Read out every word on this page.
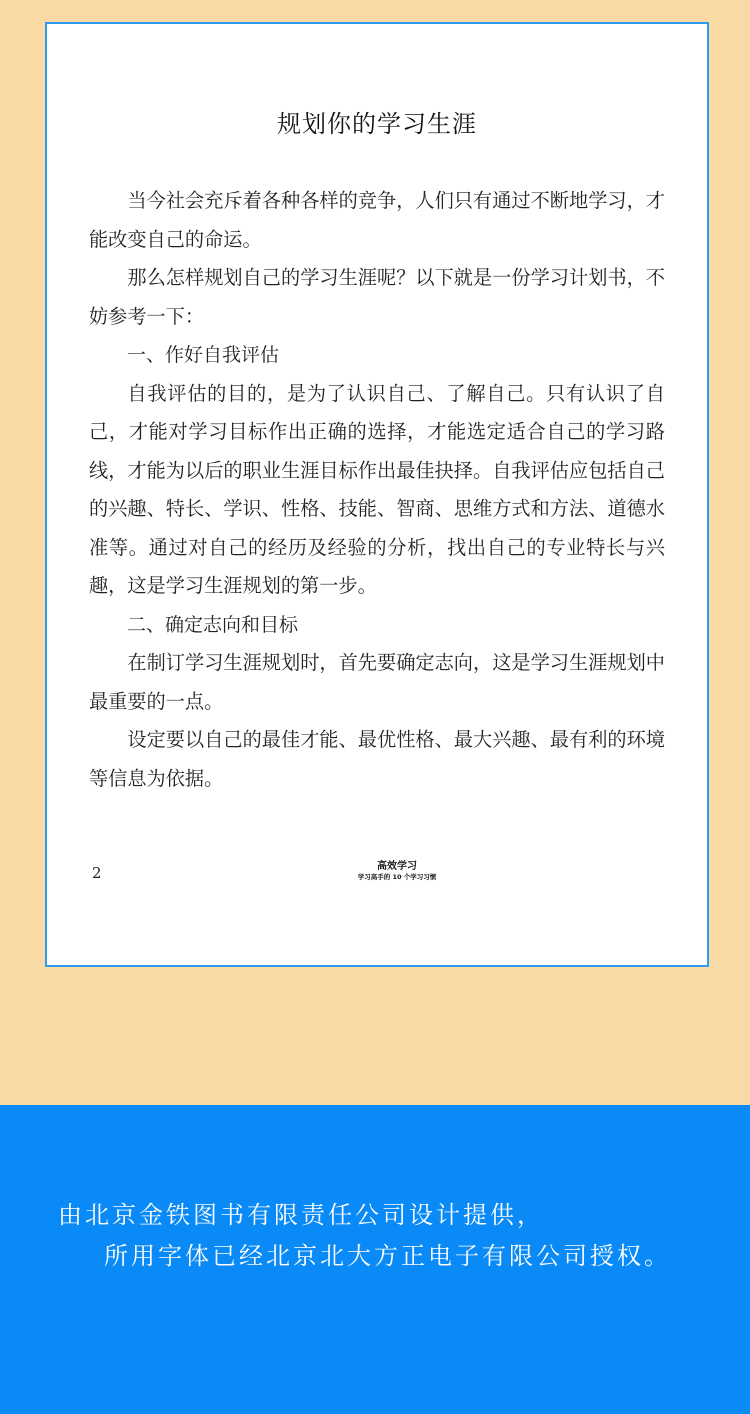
规划你的学习生涯

当今社会充斥着各种各样的竞争，人们只有通过不断地学习，才能改变自己的命运。

那么怎样规划自己的学习生涯呢？以下就是一份学习计划书，不妨参考一下：

一、作好自我评估

自我评估的目的，是为了认识自己、了解自己。只有认识了自己，才能对学习目标作出正确的选择，才能选定适合自己的学习路线，才能为以后的职业生涯目标作出最佳抉择。自我评估应包括自己的兴趣、特长、学识、性格、技能、智商、思维方式和方法、道德水准等。通过对自己的经历及经验的分析，找出自己的专业特长与兴趣，这是学习生涯规划的第一步。

二、确定志向和目标

在制订学习生涯规划时，首先要确定志向，这是学习生涯规划中最重要的一点。

设定要以自己的最佳才能、最优性格、最大兴趣、最有利的环境等信息为依据。

2	高效学习
学习高手的 10 个学习习惯
由北京金铁图书有限责任公司设计提供，
所用字体已经北京北大方正电子有限公司授权。
